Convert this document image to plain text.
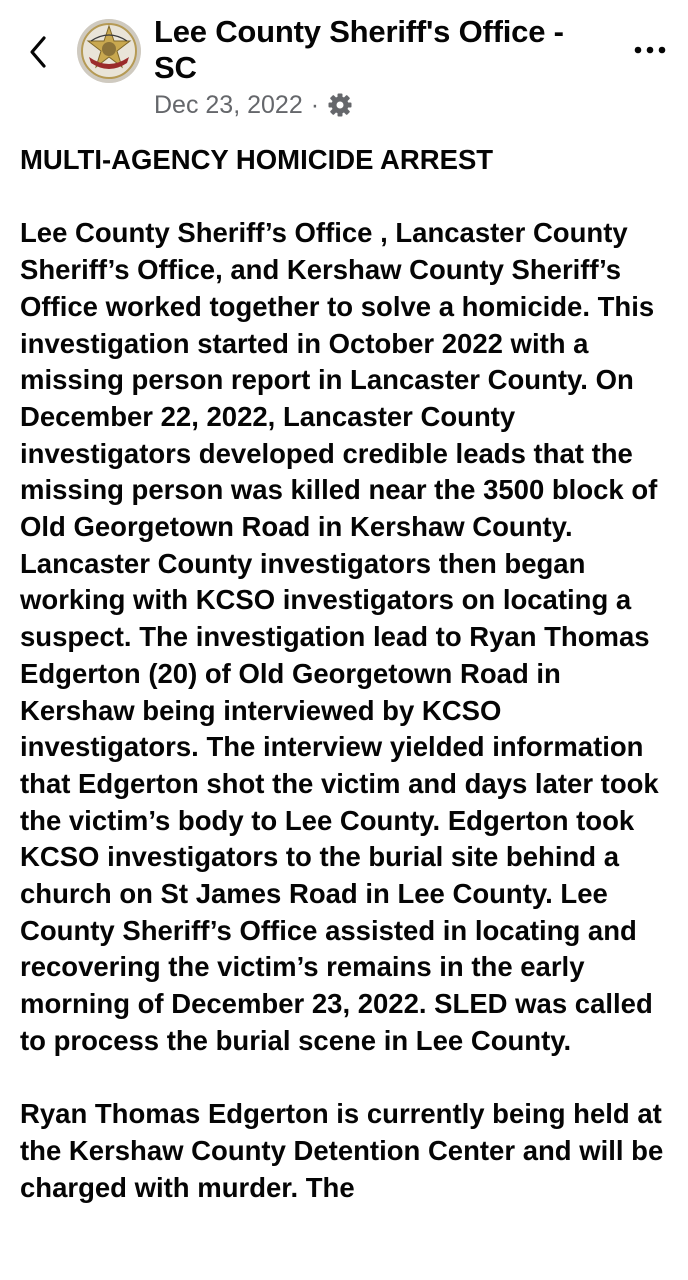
Lee County Sheriff's Office - SC
Dec 23, 2022 ·

MULTI-AGENCY HOMICIDE ARREST

Lee County Sheriff’s Office , Lancaster County Sheriff’s Office, and Kershaw County Sheriff’s Office worked together to solve a homicide. This investigation started in October 2022 with a missing person report in Lancaster County. On December 22, 2022, Lancaster County investigators developed credible leads that the missing person was killed near the 3500 block of Old Georgetown Road in Kershaw County. Lancaster County investigators then began working with KCSO investigators on locating a suspect. The investigation lead to Ryan Thomas Edgerton (20) of Old Georgetown Road in Kershaw being interviewed by KCSO investigators. The interview yielded information that Edgerton shot the victim and days later took the victim’s body to Lee County. Edgerton took KCSO investigators to the burial site behind a church on St James Road in Lee County. Lee County Sheriff’s Office assisted in locating and recovering the victim’s remains in the early morning of December 23, 2022. SLED was called to process the burial scene in Lee County.

Ryan Thomas Edgerton is currently being held at the Kershaw County Detention Center and will be charged with murder. The
